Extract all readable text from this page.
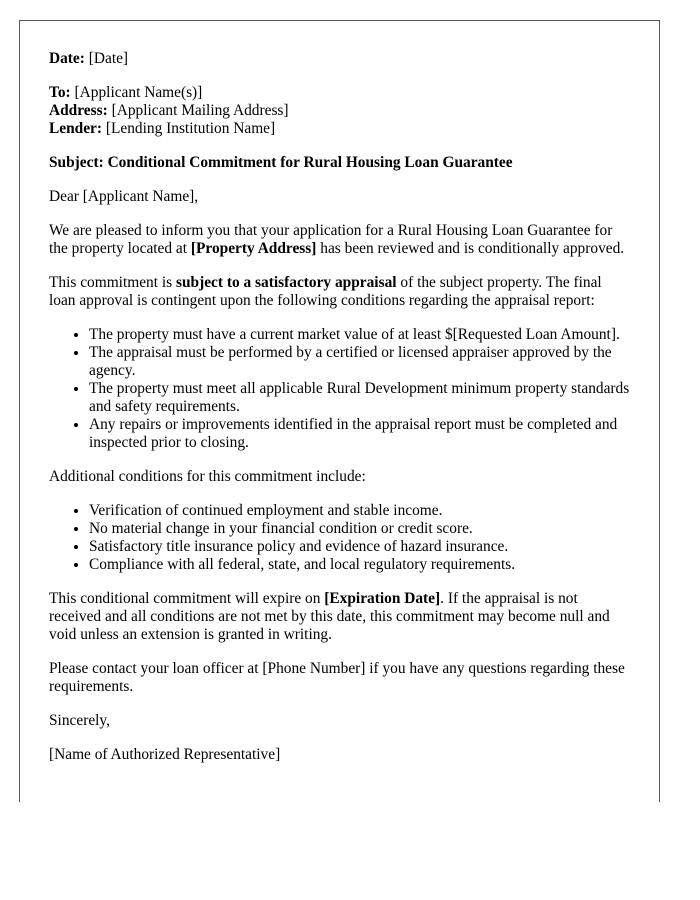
Date: [Date]

To: [Applicant Name(s)]
Address: [Applicant Mailing Address]
Lender: [Lending Institution Name]

Subject: Conditional Commitment for Rural Housing Loan Guarantee

Dear [Applicant Name],

We are pleased to inform you that your application for a Rural Housing Loan Guarantee for the property located at [Property Address] has been reviewed and is conditionally approved.

This commitment is subject to a satisfactory appraisal of the subject property. The final loan approval is contingent upon the following conditions regarding the appraisal report:

• The property must have a current market value of at least $[Requested Loan Amount].
• The appraisal must be performed by a certified or licensed appraiser approved by the agency.
• The property must meet all applicable Rural Development minimum property standards and safety requirements.
• Any repairs or improvements identified in the appraisal report must be completed and inspected prior to closing.

Additional conditions for this commitment include:

• Verification of continued employment and stable income.
• No material change in your financial condition or credit score.
• Satisfactory title insurance policy and evidence of hazard insurance.
• Compliance with all federal, state, and local regulatory requirements.

This conditional commitment will expire on [Expiration Date]. If the appraisal is not received and all conditions are not met by this date, this commitment may become null and void unless an extension is granted in writing.

Please contact your loan officer at [Phone Number] if you have any questions regarding these requirements.

Sincerely,

[Name of Authorized Representative]
